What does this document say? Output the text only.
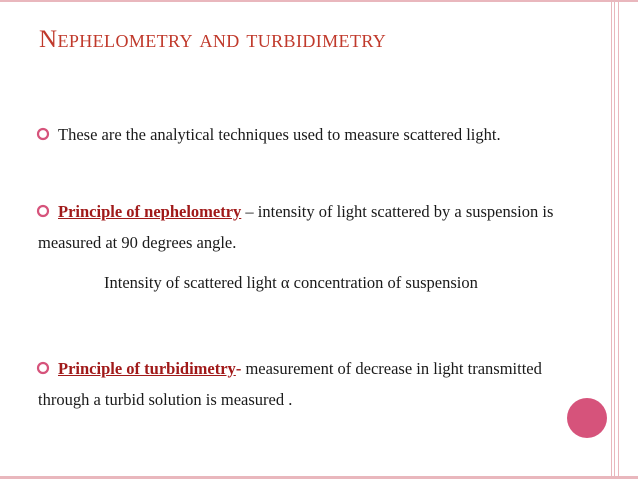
Nephelometry and turbidimetry
These are the analytical techniques used to measure scattered light.
Principle of nephelometry – intensity of light scattered by a suspension is measured at 90 degrees angle.
Intensity of scattered light α concentration of suspension
Principle of turbidimetry- measurement of decrease in light transmitted through a turbid solution is measured .
